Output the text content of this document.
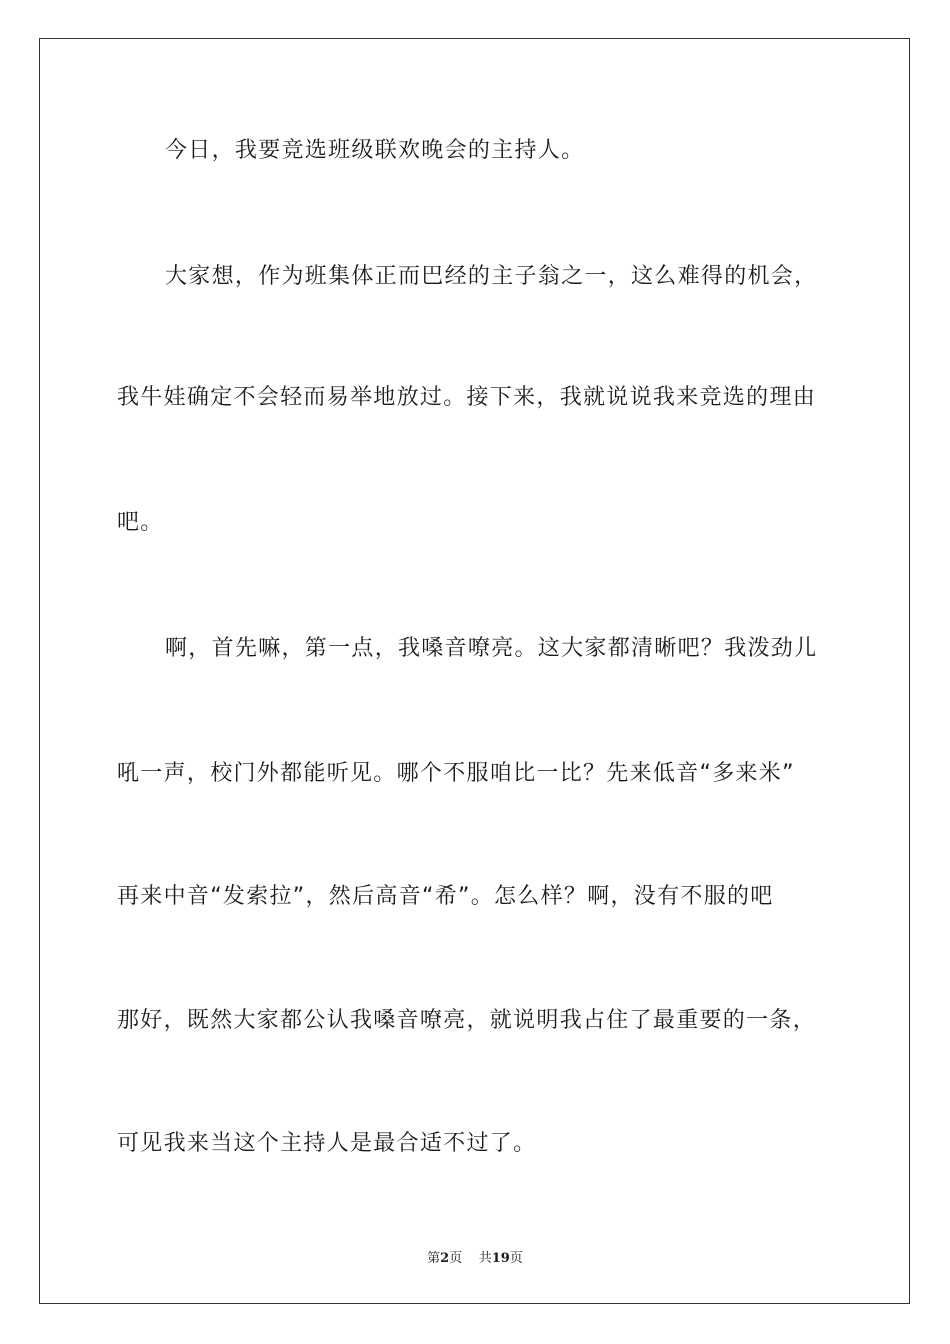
今日，我要竞选班级联欢晚会的主持人。
大家想，作为班集体正而巴经的主子翁之一，这么难得的机会，
我牛娃确定不会轻而易举地放过。接下来，我就说说我来竞选的理由
吧。
啊，首先嘛，第一点，我嗓音嘹亮。这大家都清晰吧？我泼劲儿
吼一声，校门外都能听见。哪个不服咱比一比？先来低音“多来米”
再来中音“发索拉”，然后高音“希”。怎么样？啊，没有不服的吧
那好，既然大家都公认我嗓音嘹亮，就说明我占住了最重要的一条，
可见我来当这个主持人是最合适不过了。
第2页 共19页
